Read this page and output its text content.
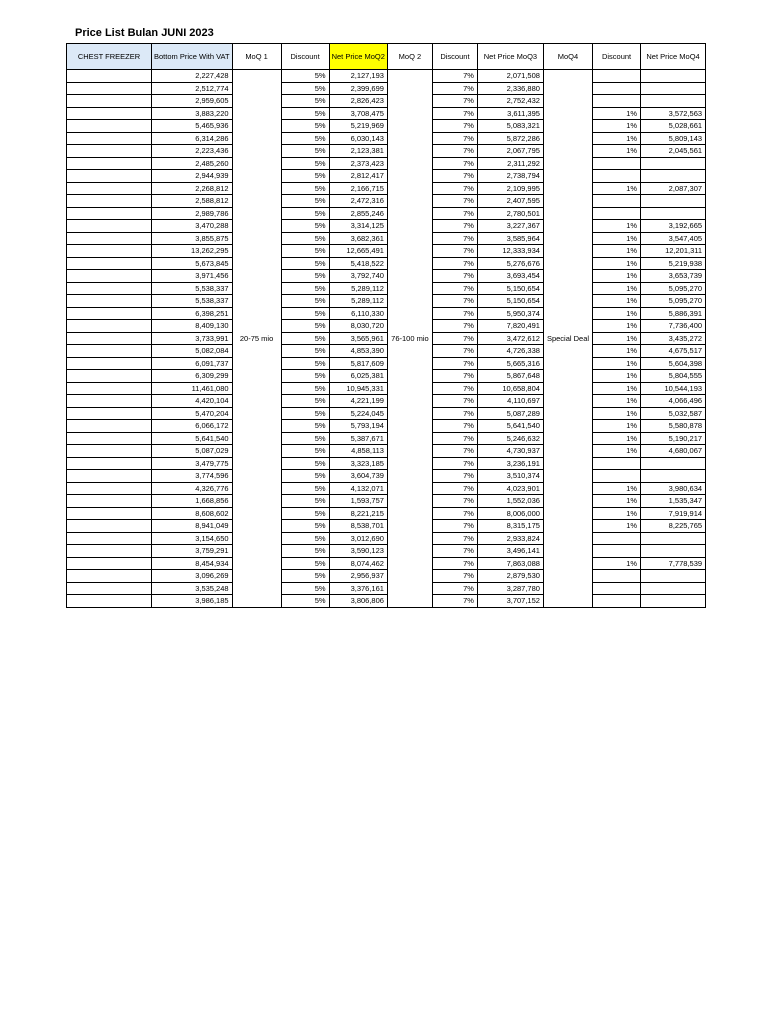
Price List Bulan JUNI 2023
CHEST FREEZER	Bottom Price With VAT	MoQ 1	Discount	Net Price MoQ2	MoQ 2	Discount	Net Price MoQ3	MoQ4	Discount	Net Price MoQ4
	2,227,428	20-75 mio	5%	2,127,193	76-100 mio	7%	2,071,508	Special Deal		
	2,512,774		5%	2,399,699		7%	2,336,880			
	2,959,605		5%	2,826,423		7%	2,752,432			
	3,883,220		5%	3,708,475		7%	3,611,395		1%	3,572,563
	5,465,936		5%	5,219,969		7%	5,083,321		1%	5,028,661
	6,314,286		5%	6,030,143		7%	5,872,286		1%	5,809,143
	2,223,436		5%	2,123,381		7%	2,067,795		1%	2,045,561
	2,485,260		5%	2,373,423		7%	2,311,292			
	2,944,939		5%	2,812,417		7%	2,738,794			
	2,268,812		5%	2,166,715		7%	2,109,995		1%	2,087,307
	2,588,812		5%	2,472,316		7%	2,407,595			
	2,989,786		5%	2,855,246		7%	2,780,501			
	3,470,288		5%	3,314,125		7%	3,227,367		1%	3,192,665
	3,855,875		5%	3,682,361		7%	3,585,964		1%	3,547,405
	13,262,295		5%	12,665,491		7%	12,333,934		1%	12,201,311
	5,673,845		5%	5,418,522		7%	5,276,676		1%	5,219,938
	3,971,456		5%	3,792,740		7%	3,693,454		1%	3,653,739
	5,538,337		5%	5,289,112		7%	5,150,654		1%	5,095,270
	5,538,337		5%	5,289,112		7%	5,150,654		1%	5,095,270
	6,398,251		5%	6,110,330		7%	5,950,374		1%	5,886,391
	8,409,130		5%	8,030,720		7%	7,820,491		1%	7,736,400
	3,733,991		5%	3,565,961		7%	3,472,612		1%	3,435,272
	5,082,084		5%	4,853,390		7%	4,726,338		1%	4,675,517
	6,091,737		5%	5,817,609		7%	5,665,316		1%	5,604,398
	6,309,299		5%	6,025,381		7%	5,867,648		1%	5,804,555
	11,461,080		5%	10,945,331		7%	10,658,804		1%	10,544,193
	4,420,104		5%	4,221,199		7%	4,110,697		1%	4,066,496
	5,470,204		5%	5,224,045		7%	5,087,289		1%	5,032,587
	6,066,172		5%	5,793,194		7%	5,641,540		1%	5,580,878
	5,641,540		5%	5,387,671		7%	5,246,632		1%	5,190,217
	5,087,029		5%	4,858,113		7%	4,730,937		1%	4,680,067
	3,479,775		5%	3,323,185		7%	3,236,191			
	3,774,596		5%	3,604,739		7%	3,510,374			
	4,326,776		5%	4,132,071		7%	4,023,901		1%	3,980,634
	1,668,856		5%	1,593,757		7%	1,552,036		1%	1,535,347
	8,608,602		5%	8,221,215		7%	8,006,000		1%	7,919,914
	8,941,049		5%	8,538,701		7%	8,315,175		1%	8,225,765
	3,154,650		5%	3,012,690		7%	2,933,824			
	3,759,291		5%	3,590,123		7%	3,496,141			
	8,454,934		5%	8,074,462		7%	7,863,088		1%	7,778,539
	3,096,269		5%	2,956,937		7%	2,879,530			
	3,535,248		5%	3,376,161		7%	3,287,780			
	3,986,185		5%	3,806,806		7%	3,707,152			
